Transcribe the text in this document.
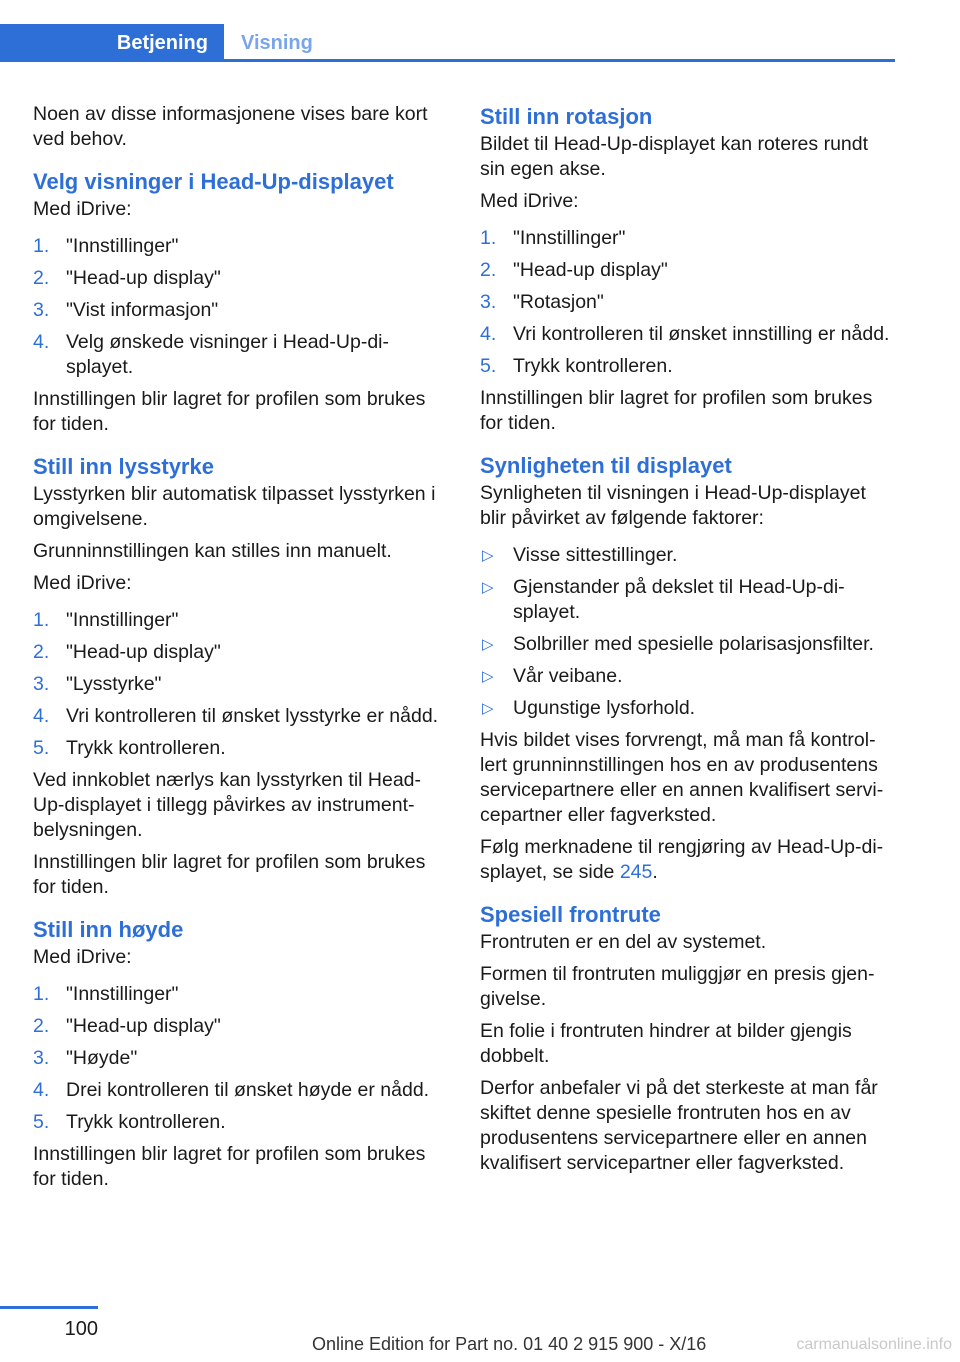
Betjening Visning

Noen av disse informasjonene vises bare kort ved behov.

Velg visninger i Head-Up-displayet

Med iDrive:

1. "Innstillinger"
2. "Head-up display"
3. "Vist informasjon"
4. Velg ønskede visninger i Head-Up-displayet.

Innstillingen blir lagret for profilen som brukes for tiden.

Still inn lysstyrke

Lysstyrken blir automatisk tilpasset lysstyrken i omgivelsene.

Grunninnstillingen kan stilles inn manuelt.

Med iDrive:

1. "Innstillinger"
2. "Head-up display"
3. "Lysstyrke"
4. Vri kontrolleren til ønsket lysstyrke er nådd.
5. Trykk kontrolleren.

Ved innkoblet nærlys kan lysstyrken til Head-Up-displayet i tillegg påvirkes av instrumentbelysningen.

Innstillingen blir lagret for profilen som brukes for tiden.

Still inn høyde

Med iDrive:

1. "Innstillinger"
2. "Head-up display"
3. "Høyde"
4. Drei kontrolleren til ønsket høyde er nådd.
5. Trykk kontrolleren.

Innstillingen blir lagret for profilen som brukes for tiden.

Still inn rotasjon

Bildet til Head-Up-displayet kan roteres rundt sin egen akse.

Med iDrive:

1. "Innstillinger"
2. "Head-up display"
3. "Rotasjon"
4. Vri kontrolleren til ønsket innstilling er nådd.
5. Trykk kontrolleren.

Innstillingen blir lagret for profilen som brukes for tiden.

Synligheten til displayet

Synligheten til visningen i Head-Up-displayet blir påvirket av følgende faktorer:

▷ Visse sittestillinger.
▷ Gjenstander på dekslet til Head-Up-displayet.
▷ Solbriller med spesielle polarisasjonsfilter.
▷ Vår veibane.
▷ Ugunstige lysforhold.

Hvis bildet vises forvrengt, må man få kontrollert grunninnstillingen hos en av produsentens servicepartnere eller en annen kvalifisert servicepartner eller fagverksted.

Følg merknadene til rengjøring av Head-Up-displayet, se side 245.

Spesiell frontrute

Frontruten er en del av systemet.

Formen til frontruten muliggjør en presis gjengivelse.

En folie i frontruten hindrer at bilder gjengis dobbelt.

Derfor anbefaler vi på det sterkeste at man får skiftet denne spesielle frontruten hos en av produsentens servicepartnere eller en annen kvalifisert servicepartner eller fagverksted.

100
Online Edition for Part no. 01 40 2 915 900 - X/16	carmanualsonline.info
